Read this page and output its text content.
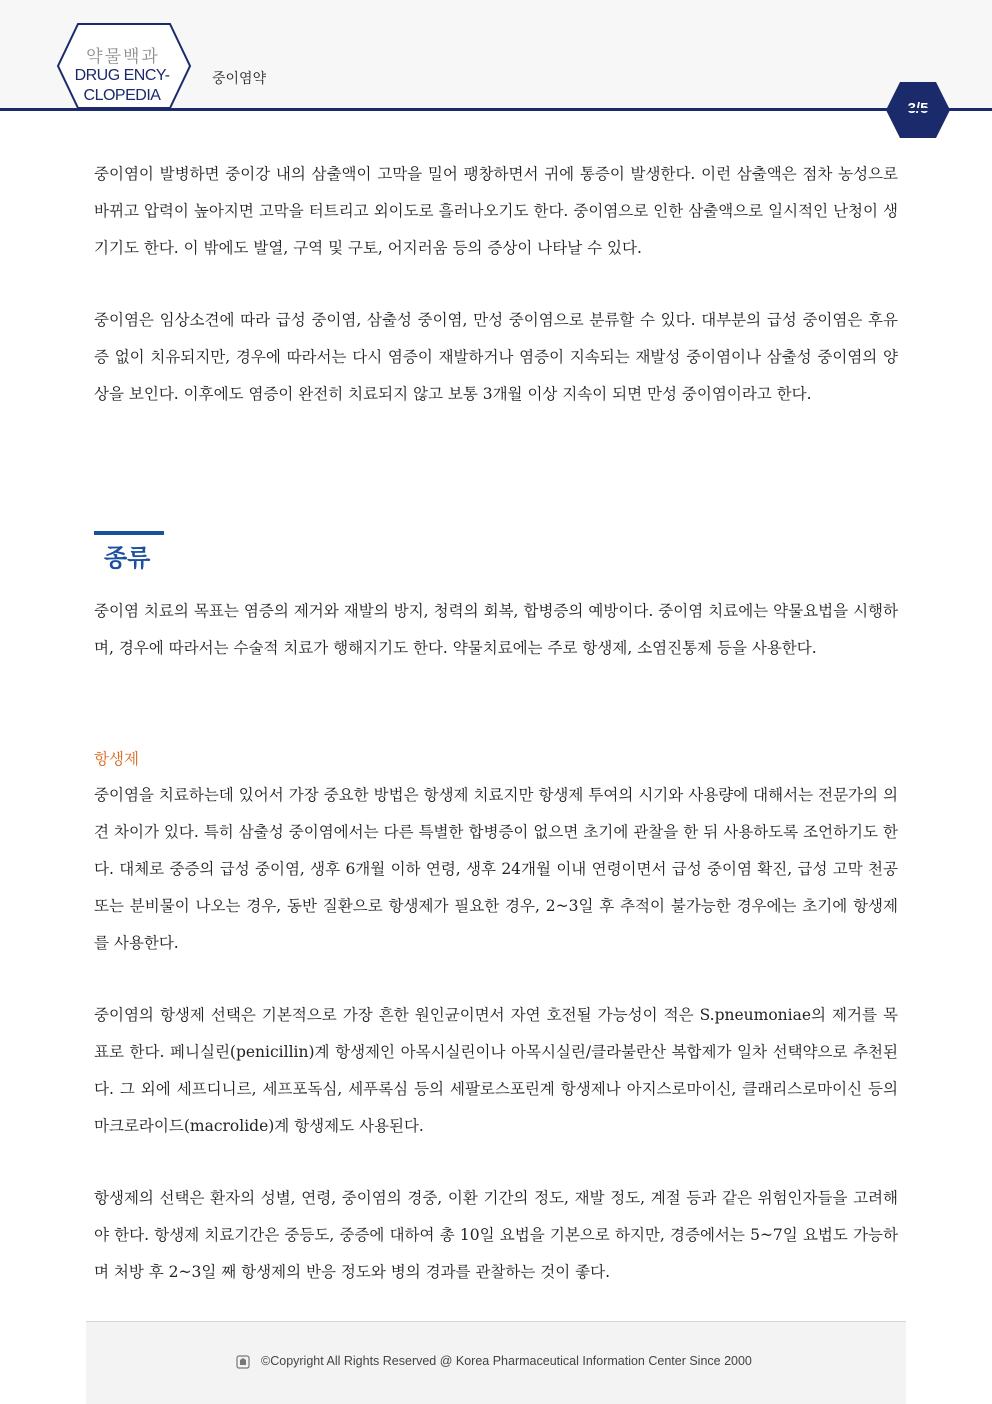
약물백과
DRUG ENCY-
CLOPEDIA
중이염약

중이염이 발병하면 중이강 내의 삼출액이 고막을 밀어 팽창하면서 귀에 통증이 발생한다. 이런 삼출액은 점차 농성으로 바뀌고 압력이 높아지면 고막을 터트리고 외이도로 흘러나오기도 한다. 중이염으로 인한 삼출액으로 일시적인 난청이 생기기도 한다. 이 밖에도 발열, 구역 및 구토, 어지러움 등의 증상이 나타날 수 있다.

중이염은 임상소견에 따라 급성 중이염, 삼출성 중이염, 만성 중이염으로 분류할 수 있다. 대부분의 급성 중이염은 후유증 없이 치유되지만, 경우에 따라서는 다시 염증이 재발하거나 염증이 지속되는 재발성 중이염이나 삼출성 중이염의 양상을 보인다. 이후에도 염증이 완전히 치료되지 않고 보통 3개월 이상 지속이 되면 만성 중이염이라고 한다.

종류

중이염 치료의 목표는 염증의 제거와 재발의 방지, 청력의 회복, 합병증의 예방이다. 중이염 치료에는 약물요법을 시행하며, 경우에 따라서는 수술적 치료가 행해지기도 한다. 약물치료에는 주로 항생제, 소염진통제 등을 사용한다.

항생제

중이염을 치료하는데 있어서 가장 중요한 방법은 항생제 치료지만 항생제 투여의 시기와 사용량에 대해서는 전문가의 의견 차이가 있다. 특히 삼출성 중이염에서는 다른 특별한 합병증이 없으면 초기에 관찰을 한 뒤 사용하도록 조언하기도 한다. 대체로 중증의 급성 중이염, 생후 6개월 이하 연령, 생후 24개월 이내 연령이면서 급성 중이염 확진, 급성 고막 천공 또는 분비물이 나오는 경우, 동반 질환으로 항생제가 필요한 경우, 2~3일 후 추적이 불가능한 경우에는 초기에 항생제를 사용한다.

중이염의 항생제 선택은 기본적으로 가장 흔한 원인균이면서 자연 호전될 가능성이 적은 S.pneumoniae의 제거를 목표로 한다. 페니실린(penicillin)계 항생제인 아목시실린이나 아목시실린/클라불란산 복합제가 일차 선택약으로 추천된다. 그 외에 세프디니르, 세프포독심, 세푸록심 등의 세팔로스포린계 항생제나 아지스로마이신, 클래리스로마이신 등의 마크로라이드(macrolide)계 항생제도 사용된다.

항생제의 선택은 환자의 성별, 연령, 중이염의 경중, 이환 기간의 정도, 재발 정도, 계절 등과 같은 위험인자들을 고려해야 한다. 항생제 치료기간은 중등도, 중증에 대하여 총 10일 요법을 기본으로 하지만, 경증에서는 5~7일 요법도 가능하며 처방 후 2~3일 째 항생제의 반응 정도와 병의 경과를 관찰하는 것이 좋다.

©Copyright All Rights Reserved @ Korea Pharmaceutical Information Center Since 2000
